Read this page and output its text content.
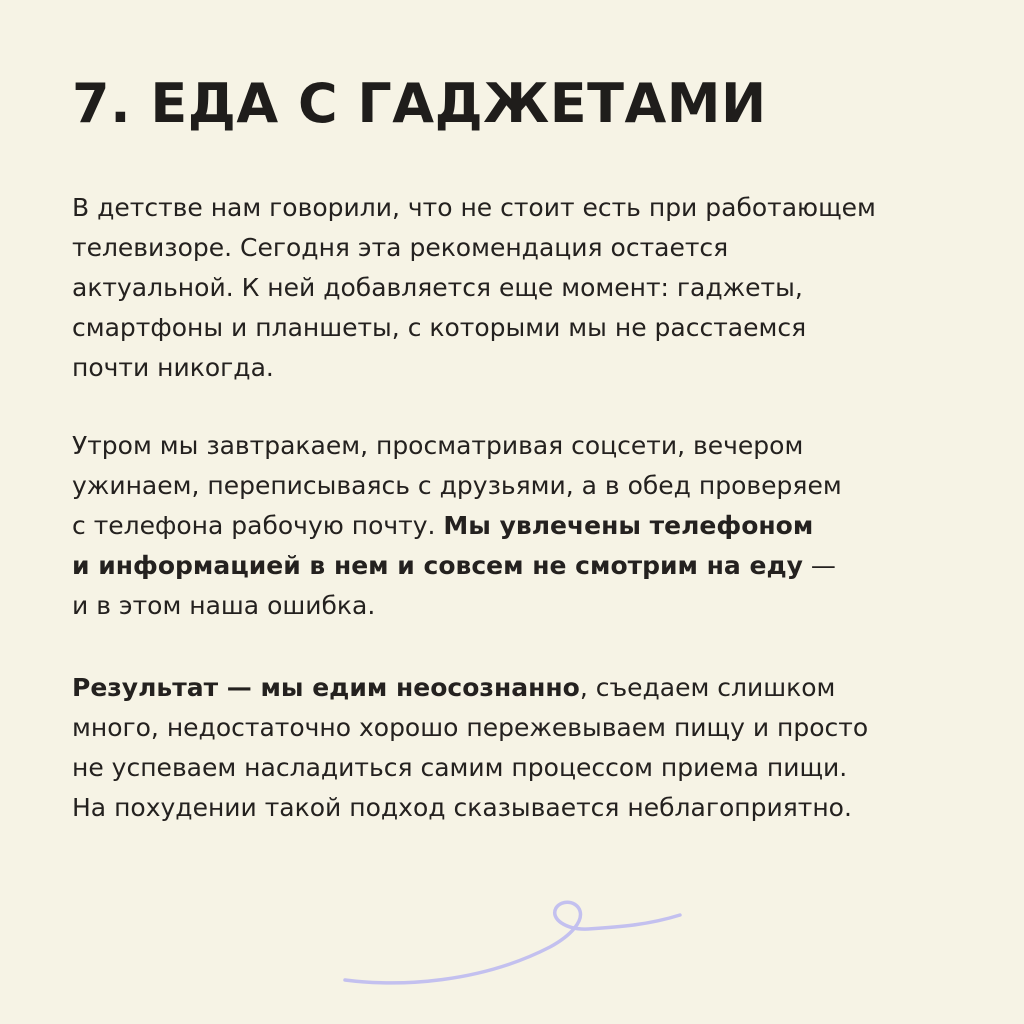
7. ЕДА С ГАДЖЕТАМИ

В детстве нам говорили, что не стоит есть при работающем
телевизоре. Сегодня эта рекомендация остается
актуальной. К ней добавляется еще момент: гаджеты,
смартфоны и планшеты, с которыми мы не расстаемся
почти никогда.

Утром мы завтракаем, просматривая соцсети, вечером
ужинаем, переписываясь с друзьями, а в обед проверяем
с телефона рабочую почту. Мы увлечены телефоном
и информацией в нем и совсем не смотрим на еду —
и в этом наша ошибка.

Результат — мы едим неосознанно, съедаем слишком
много, недостаточно хорошо пережевываем пищу и просто
не успеваем насладиться самим процессом приема пищи.
На похудении такой подход сказывается неблагоприятно.
